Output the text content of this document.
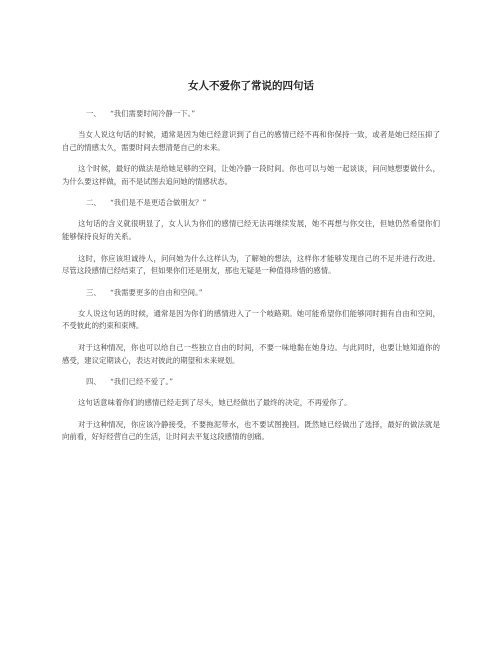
女人不爱你了常说的四句话
一、 “我们需要时间冷静一下。”

当女人说这句话的时候，通常是因为她已经意识到了自己的感情已经不再和你保持一致，或者是她已经压抑了自己的情感太久，需要时间去想清楚自己的未来。

这个时候，最好的做法是给她足够的空间，让她冷静一段时间。你也可以与她一起谈谈，问问她想要做什么，为什么要这样做，而不是试图去追问她的情感状态。

二、 “我们是不是更适合做朋友？”

这句话的含义就很明显了，女人认为你们的感情已经无法再继续发展，她不再想与你交往，但她仍然希望你们能够保持良好的关系。

这时，你应该坦诚待人，问问她为什么这样认为，了解她的想法，这样你才能够发现自己的不足并进行改进。尽管这段感情已经结束了，但如果你们还是朋友，那也无疑是一种值得珍惜的感情。

三、 “我需要更多的自由和空间。”

女人说这句话的时候，通常是因为你们的感情进入了一个岐路期。她可能希望你们能够同时拥有自由和空间，不受彼此的约束和束缚。

对于这种情况，你也可以给自己一些独立自由的时间，不要一味地黏在她身边。与此同时，也要让她知道你的感受，建议定期谈心，表达对彼此的期望和未来规划。

四、 “我们已经不爱了。”

这句话意味着你们的感情已经走到了尽头，她已经做出了最终的决定，不再爱你了。

对于这种情况，你应该冷静接受，不要拖泥带水，也不要试图挽回。既然她已经做出了选择，最好的做法就是向前看，好好经营自己的生活，让时间去平复这段感情的创痛。
